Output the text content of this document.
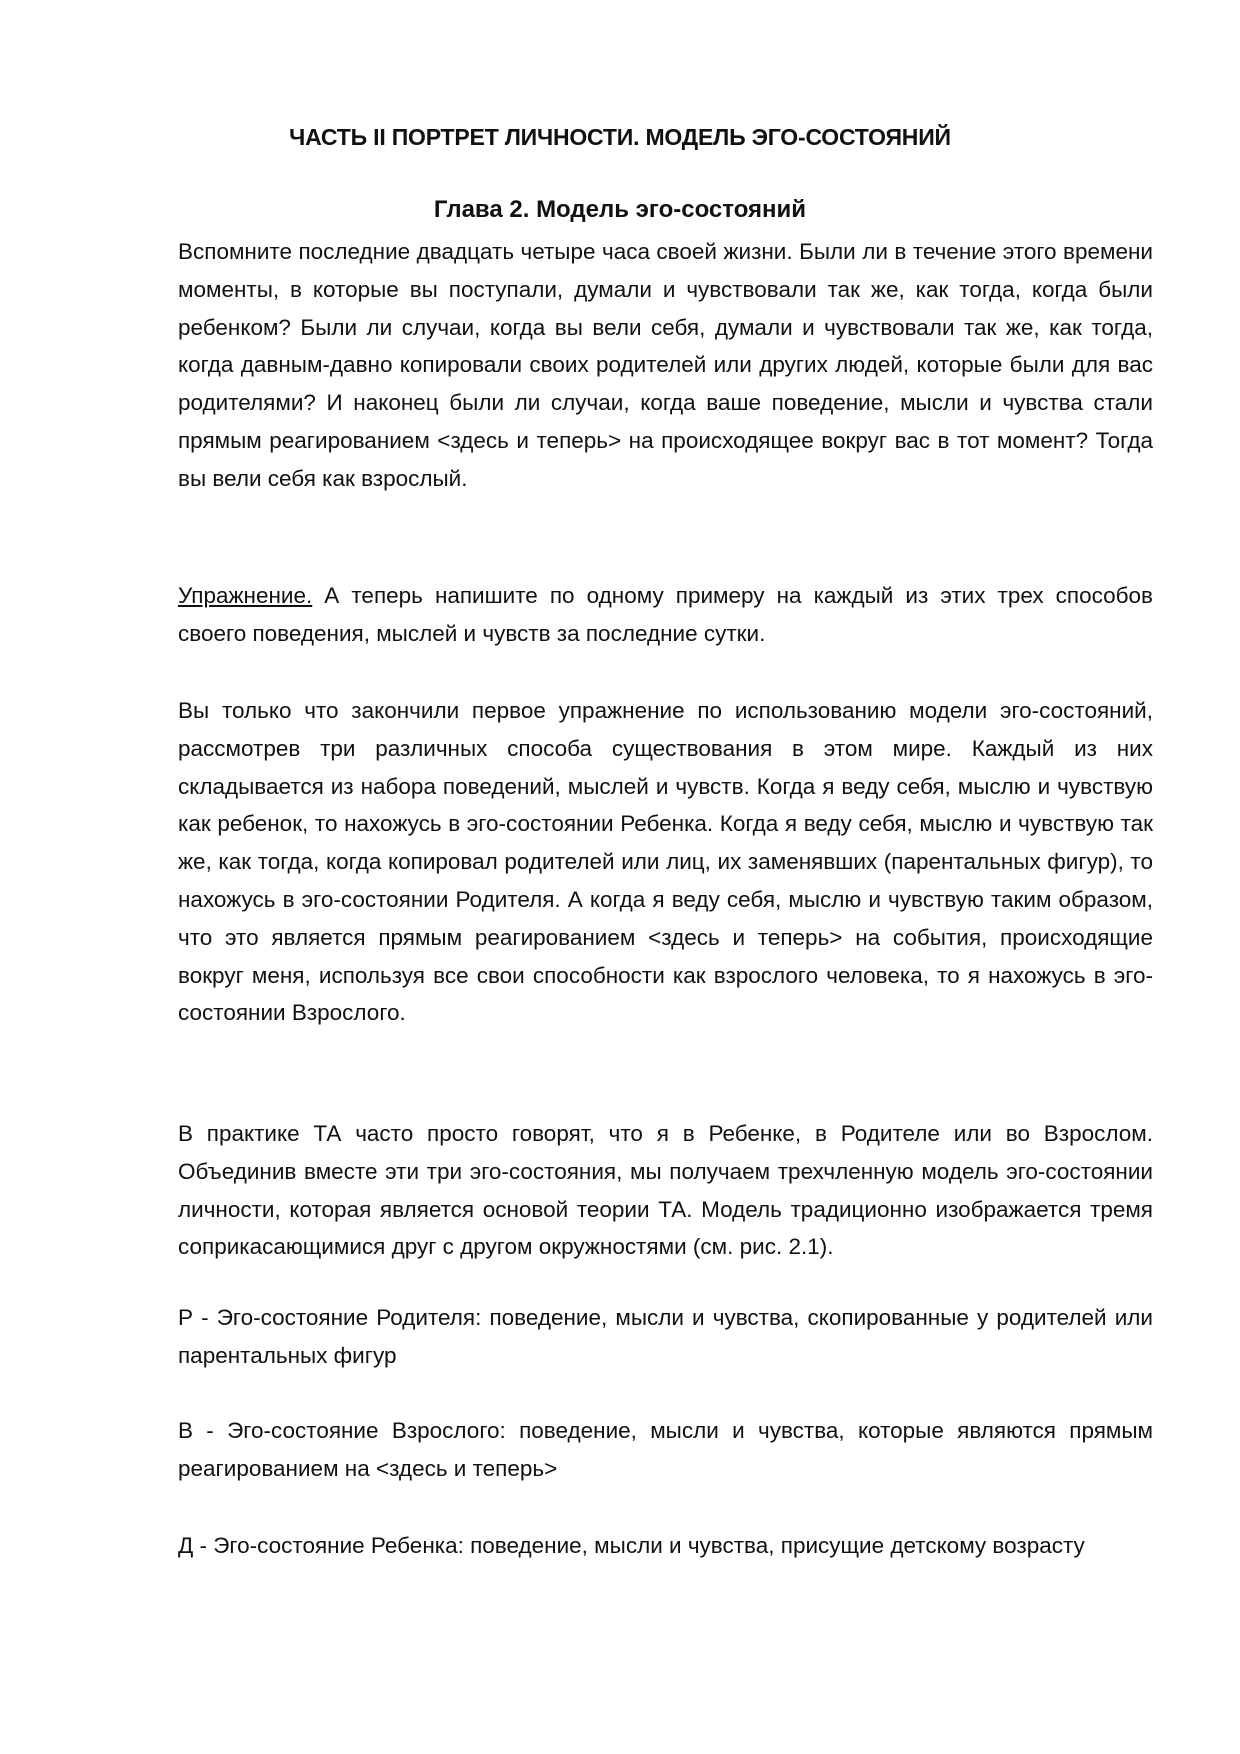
ЧАСТЬ II ПОРТРЕТ ЛИЧНОСТИ. МОДЕЛЬ ЭГО-СОСТОЯНИЙ
Глава 2. Модель эго-состояний

Вспомните последние двадцать четыре часа своей жизни. Были ли в течение этого времени моменты, в которые вы поступали, думали и чувствовали так же, как тогда, когда были ребенком? Были ли случаи, когда вы вели себя, думали и чувствовали так же, как тогда, когда давным-давно копировали своих родителей или других людей, которые были для вас родителями? И наконец были ли случаи, когда ваше поведение, мысли и чувства стали прямым реагированием <здесь и теперь> на происходящее вокруг вас в тот момент? Тогда вы вели себя как взрослый.

Упражнение. А теперь напишите по одному примеру на каждый из этих трех способов своего поведения, мыслей и чувств за последние сутки.

Вы только что закончили первое упражнение по использованию модели эго-состояний, рассмотрев три различных способа существования в этом мире. Каждый из них складывается из набора поведений, мыслей и чувств. Когда я веду себя, мыслю и чувствую как ребенок, то нахожусь в эго-состоянии Ребенка. Когда я веду себя, мыслю и чувствую так же, как тогда, когда копировал родителей или лиц, их заменявших (парентальных фигур), то нахожусь в эго-состоянии Родителя. А когда я веду себя, мыслю и чувствую таким образом, что это является прямым реагированием <здесь и теперь> на события, происходящие вокруг меня, используя все свои способности как взрослого человека, то я нахожусь в эго-состоянии Взрослого.

В практике ТА часто просто говорят, что я в Ребенке, в Родителе или во Взрослом. Объединив вместе эти три эго-состояния, мы получаем трехчленную модель эго-состоянии личности, которая является основой теории ТА. Модель традиционно изображается тремя соприкасающимися друг с другом окружностями (см. рис. 2.1).

Р - Эго-состояние Родителя: поведение, мысли и чувства, скопированные у родителей или парентальных фигур

В - Эго-состояние Взрослого: поведение, мысли и чувства, которые являются прямым реагированием на <здесь и теперь>

Д - Эго-состояние Ребенка: поведение, мысли и чувства, присущие детскому возрасту
